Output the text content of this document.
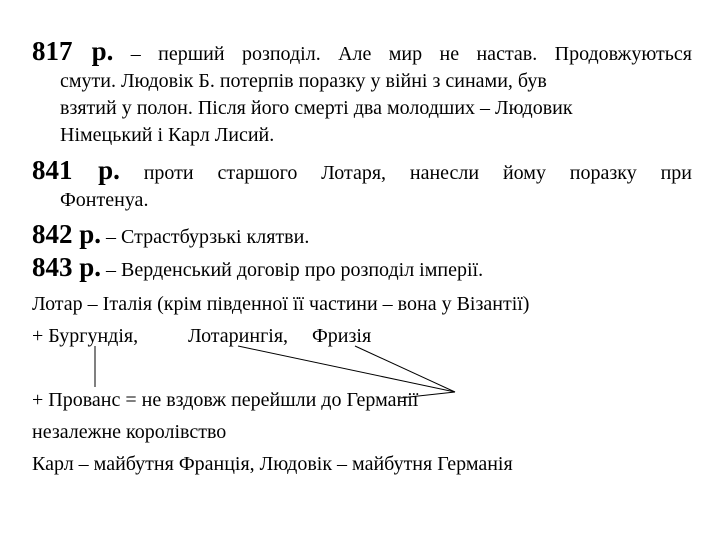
817 р. – перший розподіл. Але мир не настав. Продовжуються
смути. Людовік Б. потерпів поразку у війні з синами, був
взятий у полон. Після його смерті два молодших – Людовик
Німецький і Карл Лисий.
841 р. проти старшого Лотаря, нанесли йому поразку при
Фонтенуа.
842 р. – Страстбурзькі клятви.
843 р. – Верденський договір про розподіл імперії.
Лотар – Італія (крім південної її частини – вона у Візантії)
+ Бургундія, Лотарингія, Фризія
+ Прованс = не вздовж перейшли до Германії
незалежне королівство
Карл – майбутня Франція, Людовік – майбутня Германія
